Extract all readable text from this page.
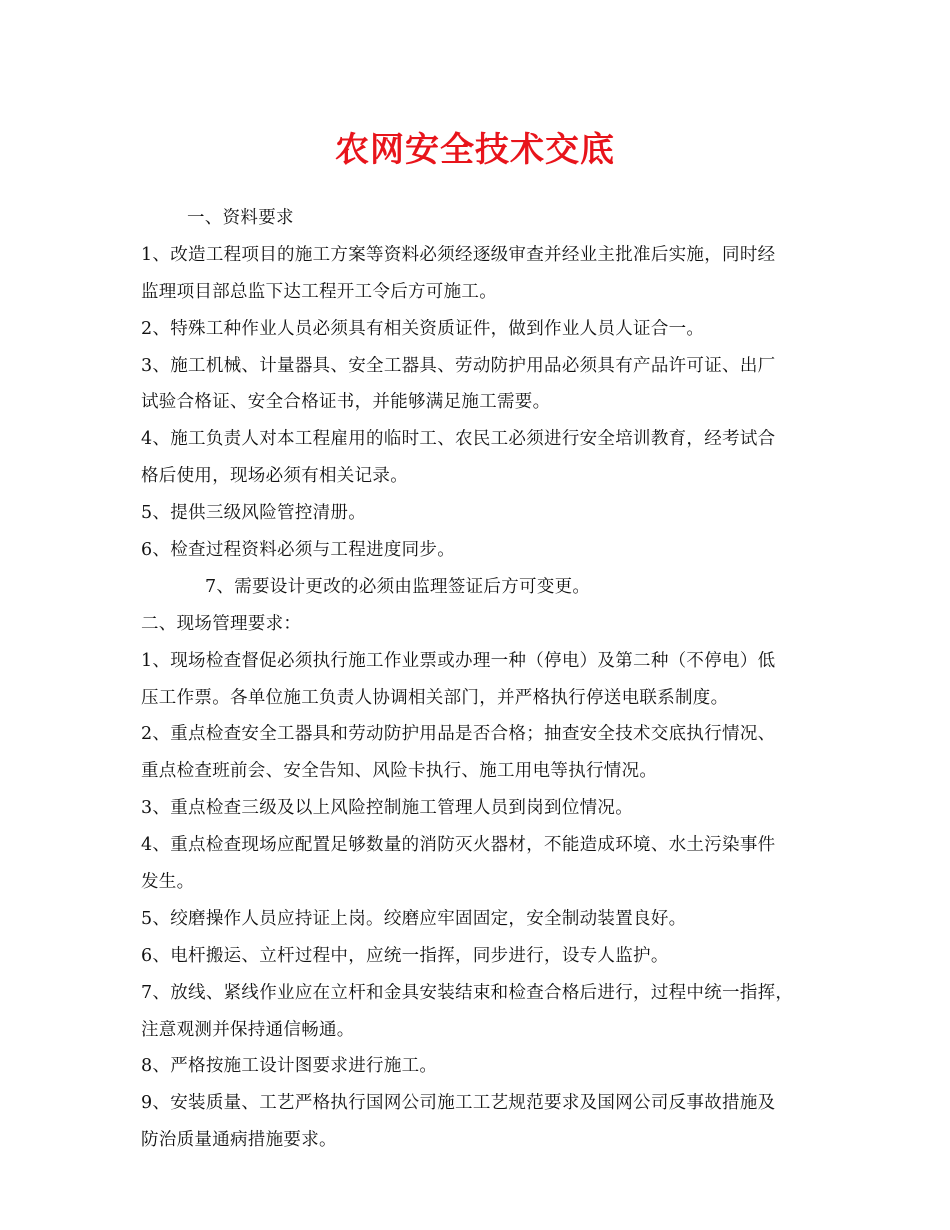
农网安全技术交底
一、资料要求
1、改造工程项目的施工方案等资料必须经逐级审查并经业主批准后实施，同时经
监理项目部总监下达工程开工令后方可施工。
2、特殊工种作业人员必须具有相关资质证件，做到作业人员人证合一。
3、施工机械、计量器具、安全工器具、劳动防护用品必须具有产品许可证、出厂
试验合格证、安全合格证书，并能够满足施工需要。
4、施工负责人对本工程雇用的临时工、农民工必须进行安全培训教育，经考试合
格后使用，现场必须有相关记录。
5、提供三级风险管控清册。
6、检查过程资料必须与工程进度同步。
7、需要设计更改的必须由监理签证后方可变更。
二、现场管理要求：
1、现场检查督促必须执行施工作业票或办理一种（停电）及第二种（不停电）低
压工作票。各单位施工负责人协调相关部门，并严格执行停送电联系制度。
2、重点检查安全工器具和劳动防护用品是否合格；抽查安全技术交底执行情况、
重点检查班前会、安全告知、风险卡执行、施工用电等执行情况。
3、重点检查三级及以上风险控制施工管理人员到岗到位情况。
4、重点检查现场应配置足够数量的消防灭火器材，不能造成环境、水土污染事件
发生。
5、绞磨操作人员应持证上岗。绞磨应牢固固定，安全制动装置良好。
6、电杆搬运、立杆过程中，应统一指挥，同步进行，设专人监护。
7、放线、紧线作业应在立杆和金具安装结束和检查合格后进行，过程中统一指挥，
注意观测并保持通信畅通。
8、严格按施工设计图要求进行施工。
9、安装质量、工艺严格执行国网公司施工工艺规范要求及国网公司反事故措施及
防治质量通病措施要求。
